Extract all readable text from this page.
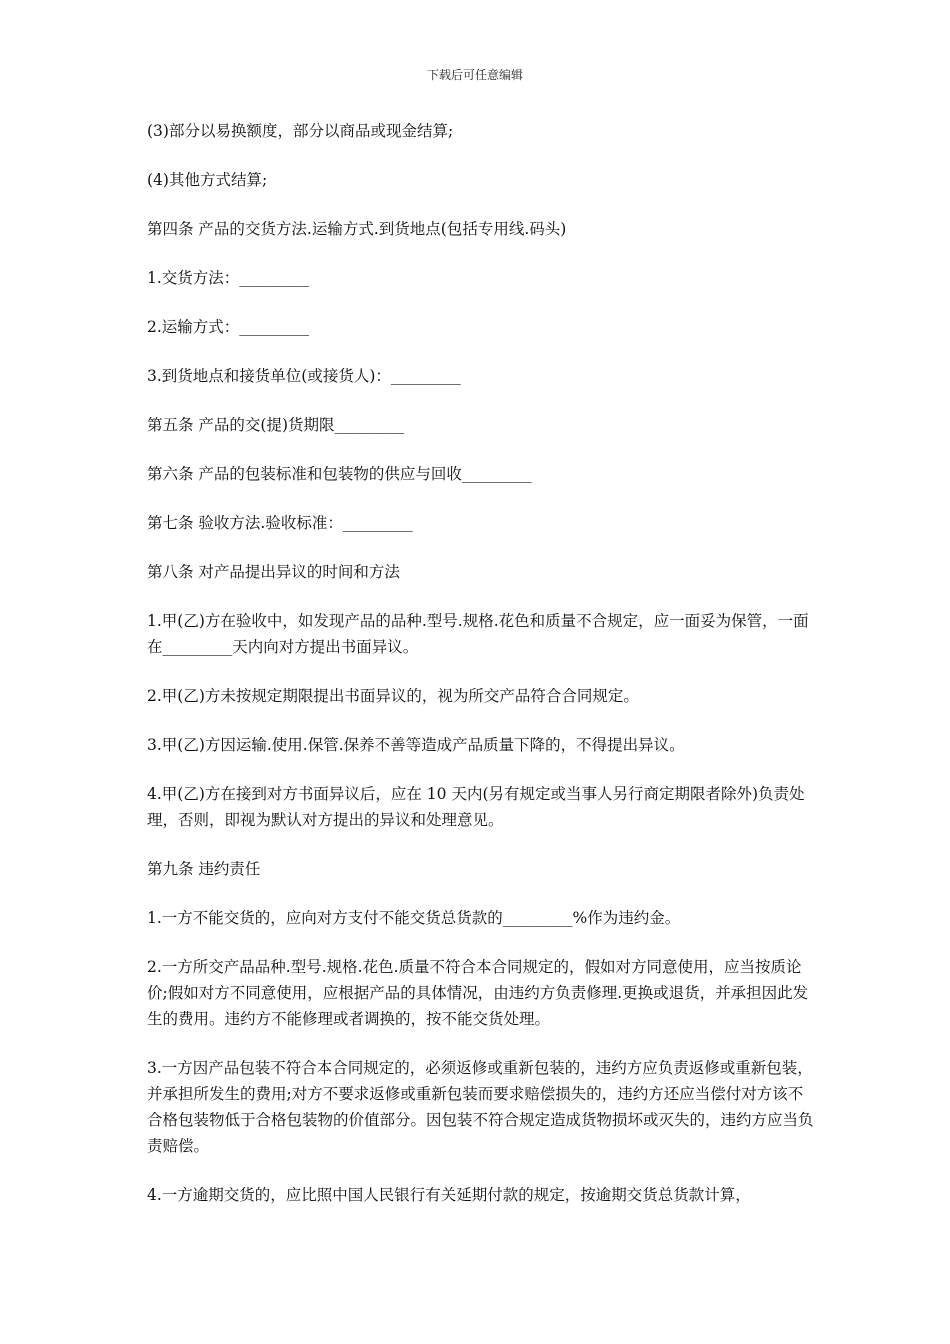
下载后可任意编辑

(3)部分以易换额度，部分以商品或现金结算;

(4)其他方式结算;

第四条 产品的交货方法.运输方式.到货地点(包括专用线.码头)

1.交货方法：_________

2.运输方式：_________

3.到货地点和接货单位(或接货人)：_________

第五条 产品的交(提)货期限_________

第六条 产品的包装标准和包装物的供应与回收_________

第七条 验收方法.验收标准：_________

第八条 对产品提出异议的时间和方法

1.甲(乙)方在验收中，如发现产品的品种.型号.规格.花色和质量不合规定，应一面妥为保管，一面在_________天内向对方提出书面异议。

2.甲(乙)方未按规定期限提出书面异议的，视为所交产品符合合同规定。

3.甲(乙)方因运输.使用.保管.保养不善等造成产品质量下降的，不得提出异议。

4.甲(乙)方在接到对方书面异议后，应在 10 天内(另有规定或当事人另行商定期限者除外)负责处理，否则，即视为默认对方提出的异议和处理意见。

第九条 违约责任

1.一方不能交货的，应向对方支付不能交货总货款的_________%作为违约金。

2.一方所交产品品种.型号.规格.花色.质量不符合本合同规定的，假如对方同意使用，应当按质论价;假如对方不同意使用，应根据产品的具体情况，由违约方负责修理.更换或退货，并承担因此发生的费用。违约方不能修理或者调换的，按不能交货处理。

3.一方因产品包装不符合本合同规定的，必须返修或重新包装的，违约方应负责返修或重新包装，并承担所发生的费用;对方不要求返修或重新包装而要求赔偿损失的，违约方还应当偿付对方该不合格包装物低于合格包装物的价值部分。因包装不符合规定造成货物损坏或灭失的，违约方应当负责赔偿。

4.一方逾期交货的，应比照中国人民银行有关延期付款的规定，按逾期交货总货款计算，
